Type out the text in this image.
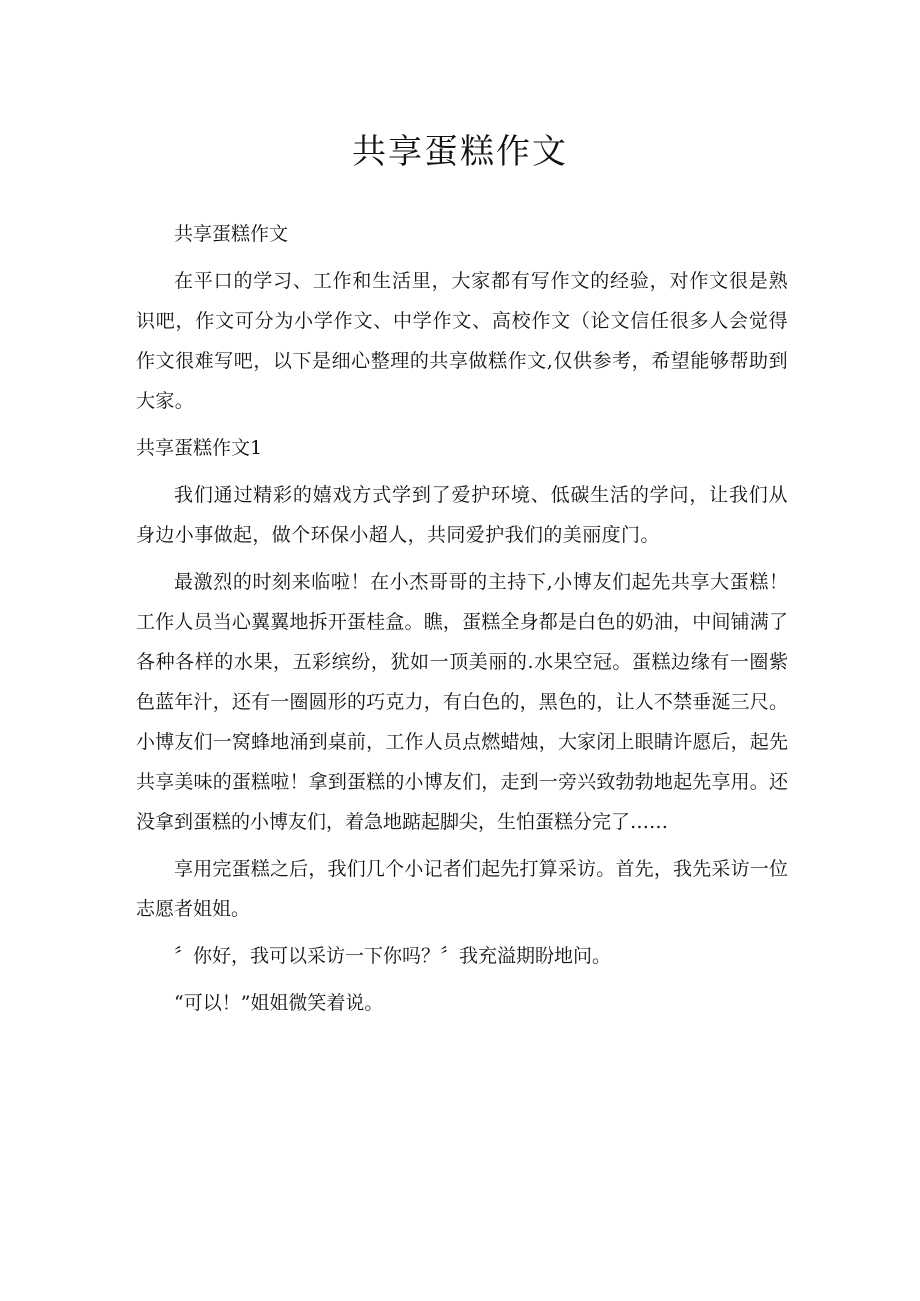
共享蛋糕作文

共享蛋糕作文

在平口的学习、工作和生活里，大家都有写作文的经验，对作文很是熟识吧，作文可分为小学作文、中学作文、高校作文（论文信任很多人会觉得作文很难写吧，以下是细心整理的共享做糕作文,仅供参考，希望能够帮助到大家。

共享蛋糕作文1

我们通过精彩的嬉戏方式学到了爱护环境、低碳生活的学问，让我们从身边小事做起，做个环保小超人，共同爱护我们的美丽度门。

最激烈的时刻来临啦！在小杰哥哥的主持下,小博友们起先共享大蛋糕！工作人员当心翼翼地拆开蛋桂盒。瞧，蛋糕全身都是白色的奶油，中间铺满了各种各样的水果，五彩缤纷，犹如一顶美丽的.水果空冠。蛋糕边缘有一圈紫色蓝年汁，还有一圈圆形的巧克力，有白色的，黑色的，让人不禁垂涎三尺。小博友们一窝蜂地涌到桌前，工作人员点燃蜡烛，大家闭上眼睛许愿后，起先共享美味的蛋糕啦！拿到蛋糕的小博友们，走到一旁兴致勃勃地起先享用。还没拿到蛋糕的小博友们，着急地踮起脚尖，生怕蛋糕分完了……

享用完蛋糕之后，我们几个小记者们起先打算采访。首先，我先采访一位志愿者姐姐。

〞你好，我可以采访一下你吗？〞我充溢期盼地问。

“可以！”姐姐微笑着说。
